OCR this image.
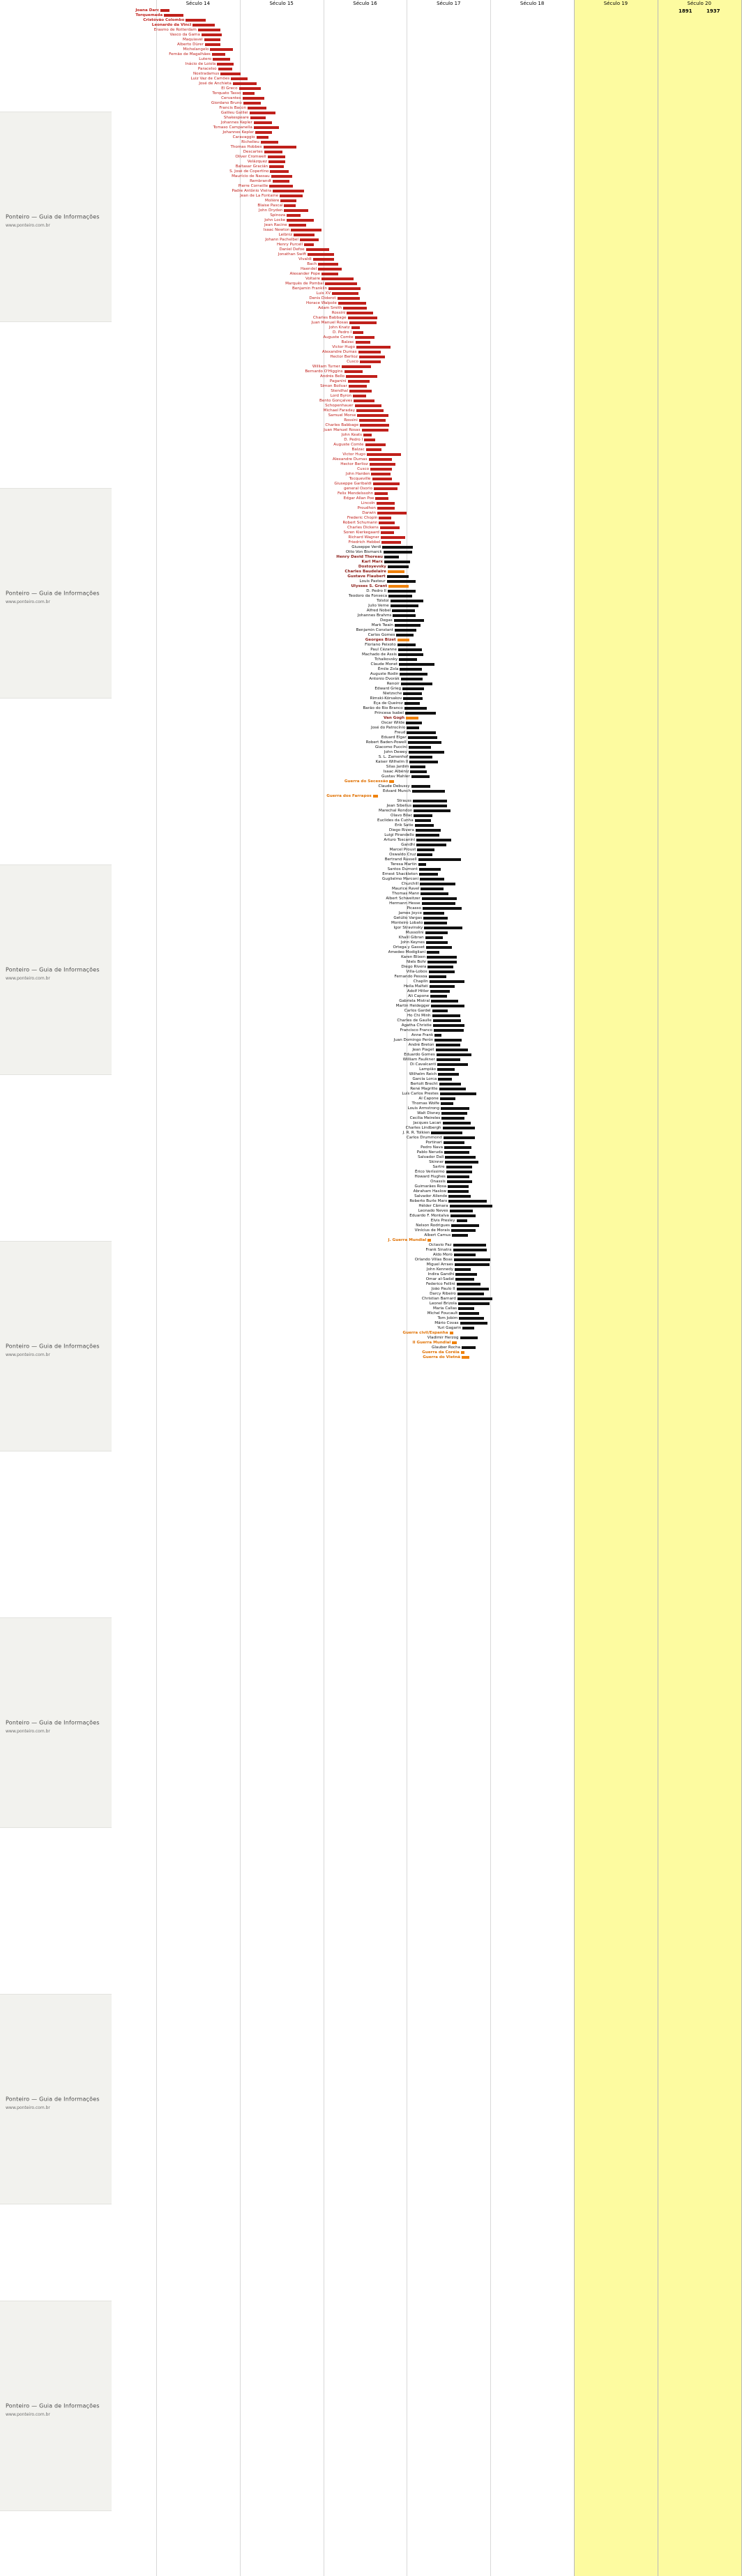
Ponteiro — Guia de Informações
www.ponteiro.com.br
Ponteiro — Guia de Informações
www.ponteiro.com.br
Ponteiro — Guia de Informações
www.ponteiro.com.br
Ponteiro — Guia de Informações
www.ponteiro.com.br
Ponteiro — Guia de Informações
www.ponteiro.com.br
Ponteiro — Guia de Informações
www.ponteiro.com.br
Ponteiro — Guia de Informações
www.ponteiro.com.br
Século 14	Século 15	Século 16	Século 17	Século 18	Século 19	Século 20
1891	1937
Joana Darc
Torquemada
Cristóvão Colombo
Leonardo da Vinci
Erasmo de Rotterdam
Vasco da Gama
Maquiavel
Alberto Dürer
Michelangelo
Fernão de Magalhães
Lutero
Inácio de Loiola
Paracelso
Nostradamus
Luiz Vaz de Camões
José de Anchieta
El Greco
Torquato Tasso
Cervantes
Giordano Bruno
Francis Bacon
Galileu Galilei
Shakespeare
Johannes Kepler
Tomaso Campanella
Johannes Kepler
Caravaggio
Richelieu
Thomas Hobbes
Descartes
Oliver Cromwell
Velázquez
Baltasar Gracián
S. José de Copertino
Maurício de Nassau
Rembrandt
Pierre Corneille
Padre Antônio Vieira
Jean de La Fontaine
Molière
Blaise Pascal
John Dryden
Spinoza
John Locke
Jean Racine
Isaac Newton
Leibniz
Johann Pachelbel
Henry Purcell
Daniel Defoe
Jonathan Swift
Vivaldi
Bach
Haendel
Alexander Pope
Voltaire
Marquês de Pombal
Benjamin Franklin
Luis XV
Denis Diderot
Horace Walpole
Adam Smith
Rossini
Charles Babbage
Juan Manuel Rosas
John Knatz
D. Pedro I
Auguste Comte
Balzac
Victor Hugo
Alexandre Dumas
Hector Berlioz
Cusco
William Turner
Bernardo O'Higgins
Andrés Bello
Paganini
Simon Bolívar
Stendhal
Lord Byron
Bento Gonçalves
Schopenhauer
Michael Faraday
Samuel Morse
Rossini
Charles Babbage
Juan Manuel Rosas
John Keats
D. Pedro I
Auguste Comte
Balzac
Victor Hugo
Alexandre Dumas
Hector Berlioz
Cusco
John Harden
Tocqueville
Giuseppe Garibaldi
general Osorio
Felix Mendelssohn
Edgar Allan Poe
Lincoln
Proudhon
Darwin
Frederic Chopin
Robert Schumann
Charles Dickens
Soren Kierkegaard
Richard Wagner
Friedrich Hebbel
Giuseppe Verdi
Otto Von Bismarck
Henry David Thoreau
Karl Marx
Dostoyevsky
Charles Baudelaire
Gustave Flaubert
Louis Pasteur
Ulysses S. Grant
D. Pedro II
Teodoro da Fonseca
Tolstoi
Julio Verne
Alfred Nobel
Johannes Brahms
Degas
Mark Twain
Benjamin Constant
Carlos Gomes
Georges Bizet
Floriano Peixoto
Paul Cézanne
Machado de Assis
Tchaikovsky
Claude Monet
Émile Zola
Auguste Rodin
Antonio Dvorák
Renoir
Edward Grieg
Nietzsche
Rimski-Kórsakov
Eça de Queiroz
Barão do Rio Branco
Princesa Isabel
Van Gogh
Oscar Wilde
José do Patrocínio
Freud
Eduard Elgar
Robert Baden-Powell
Giacomo Puccini
John Dewey
S. L. Zamenhof
Kaiser Wilhelm II
Silas Jardim
Isaac Albéniz
Gustav Mahler
Guerra do Secessão
Claude Debussy
Edvard Munch
Guerra dos Farrapos
Strauss
Jean Sibelius
Marechal Rondon
Olavo Bilac
Euclides da Cunha
Erik Satie
Diego Rivera
Luigi Pirandello
Arturo Toscanini
Gandhi
Marcel Proust
Oswaldo Cruz
Bertrand Russell
Teresa Martin
Santos Dumont
Ernest Shackleton
Guglielmo Marconi
Churchill
Maurice Ravel
Thomas Mann
Albert Schweitzer
Hermann Hesse
Picasso
James Joyce
Getúlio Vargas
Monteiro Lobato
Igor Stravinsky
Mussolini
Khalil Gibran
John Keynes
Ortega y Gasset
Amedeo Modigliani
Karen Blixen
Niels Bohr
Diego Rivera
Villa-Lobos
Fernando Pessoa
Chaplin
Heila Malfati
Adolf Hitler
Ali Capone
Gabriela Mistral
Martin Heidegger
Carlos Gardel
Ho Chi Minh
Charles de Gaulle
Agatha Christie
Francisco Franco
Anne Frank
Juan Domingo Perón
André Breton
Jean Piaget
Eduardo Gomes
William Faulkner
Di Cavalcanti
Lampião
Wilhelm Reich
García Lorca
Bertolt Brecht
René Magritte
Luís Carlos Prestes
Al Capone
Thomas Wolfe
Louis Armstrong
Walt Disney
Cecília Meireles
Jacques Lacan
Charles Lindbergh
J. R. R. Tolkien
Carlos Drummond
Portinari
Pedro Nava
Pablo Neruda
Salvador Dali
Skinner
Sartre
Érico Veríssimo
Howard Hughes
Onassis
Guimarães Rosa
Abraham Haslow
Salvador Allende
Roberto Burle Marx
Hélder Câmara
Leonado Neves
Eduardo F. Montalva
Elvis Presley
Nelson Rodrigues
Vinícius de Morais
Albert Camus
J. Guerra Mundial
Octavio Paz
Frank Sinatra
Aldo Moro
Orlando Villas Boas
Miguel Arraes
John Kennedy
Indira Gandhi
Omar al-Sadat
Federico Fellini
João Paulo II
Darcy Ribeiro
Christian Barnard
Leonel Brizola
Maria Callas
Michel Foucault
Tom Jobim
Mário Covas
Yuri Gagarin
Guerra civil/Espanha
Vladimir Herzog
II Guerra Mundial
Glauber Rocha
Guerra da Coréia
Guerra do Vietnã
